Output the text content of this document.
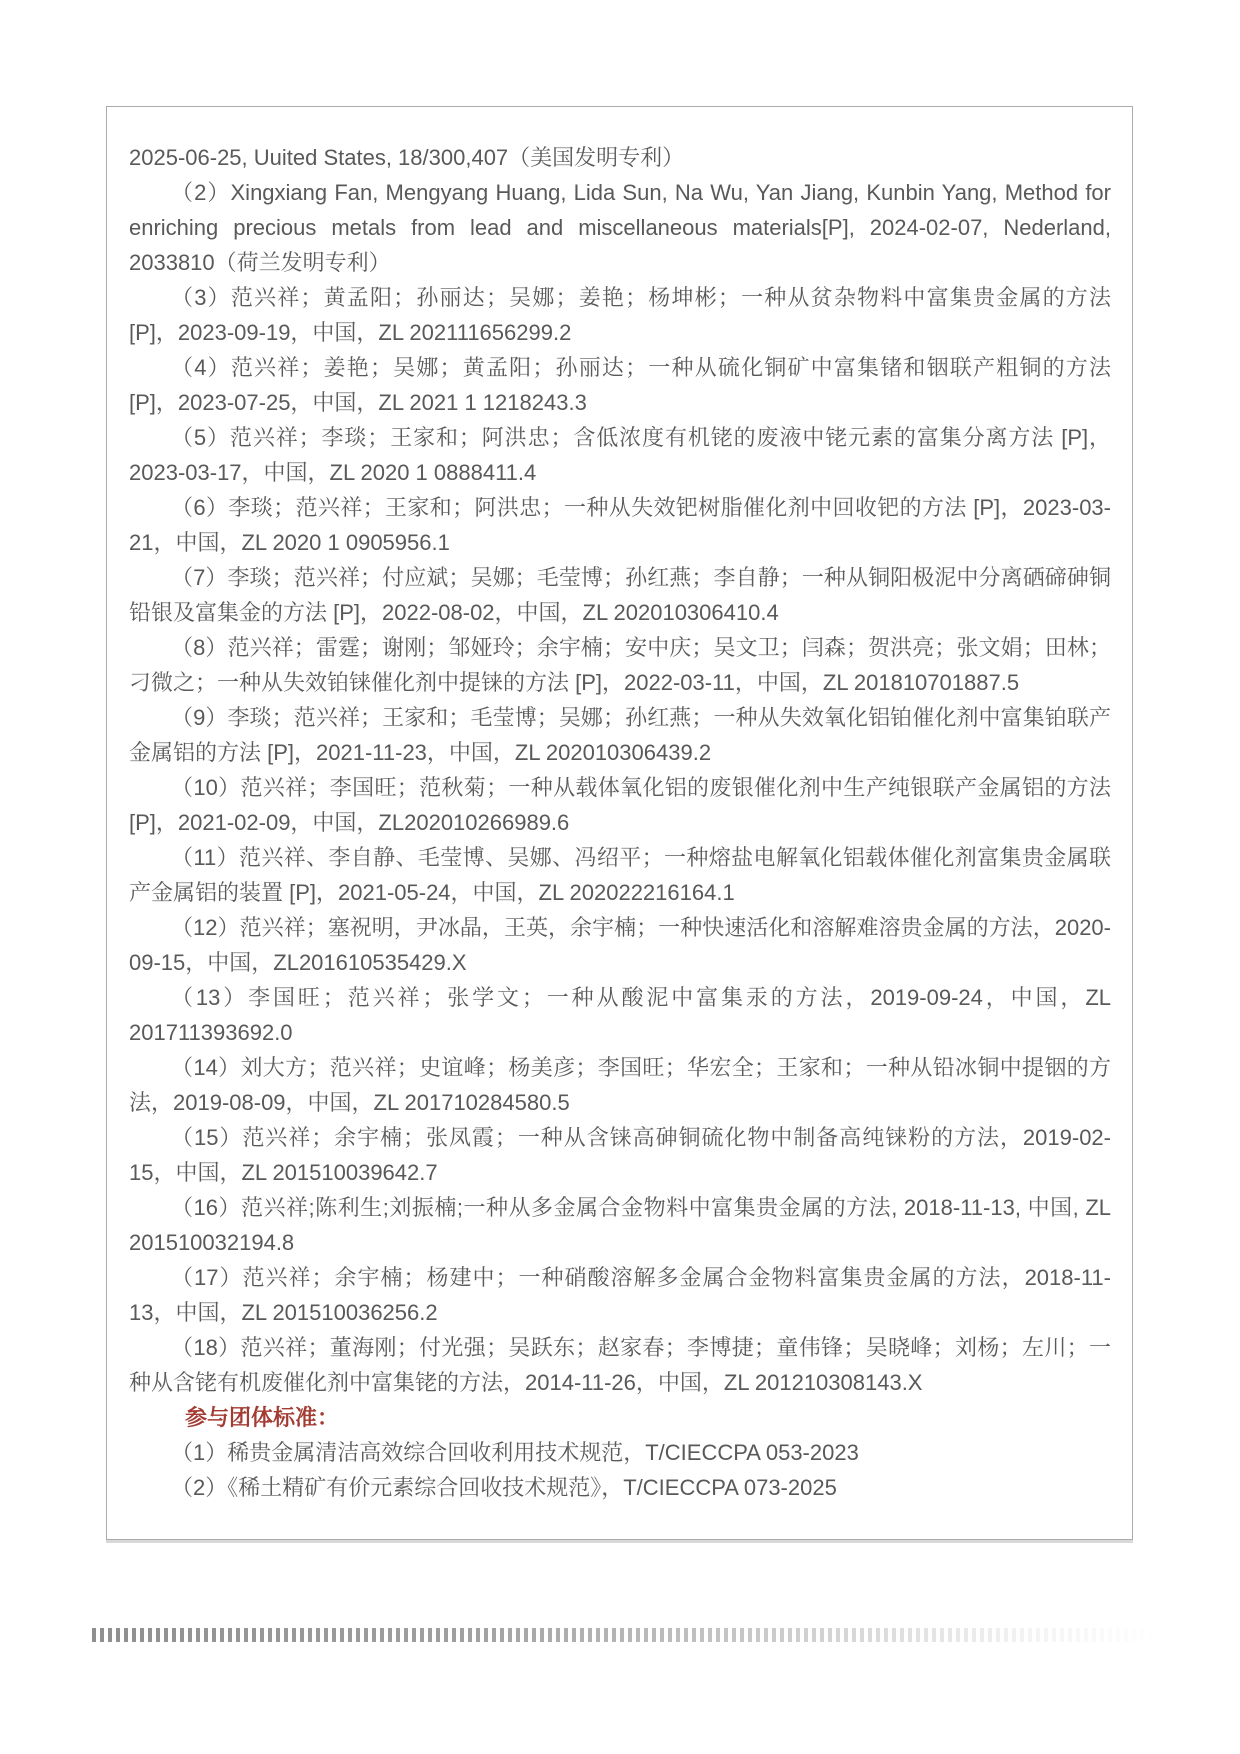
2025-06-25, Uuited States, 18/300,407（美国发明专利）

（2）Xingxiang Fan, Mengyang Huang, Lida Sun, Na Wu, Yan Jiang, Kunbin Yang, Method for enriching precious metals from lead and miscellaneous materials[P], 2024-02-07, Nederland, 2033810（荷兰发明专利）

（3）范兴祥；黄孟阳；孙丽达；吴娜；姜艳；杨坤彬；一种从贫杂物料中富集贵金属的方法 [P]，2023-09-19，中国，ZL 202111656299.2

（4）范兴祥；姜艳；吴娜；黄孟阳；孙丽达；一种从硫化铜矿中富集锗和铟联产粗铜的方法 [P]，2023-07-25，中国，ZL 2021 1 1218243.3

（5）范兴祥；李琰；王家和；阿洪忠；含低浓度有机铑的废液中铑元素的富集分离方法 [P]，2023-03-17，中国，ZL 2020 1 0888411.4

（6）李琰；范兴祥；王家和；阿洪忠；一种从失效钯树脂催化剂中回收钯的方法 [P]，2023-03-21，中国，ZL 2020 1 0905956.1

（7）李琰；范兴祥；付应斌；吴娜；毛莹博；孙红燕；李自静；一种从铜阳极泥中分离硒碲砷铜铅银及富集金的方法 [P]，2022-08-02，中国，ZL 202010306410.4

（8）范兴祥；雷霆；谢刚；邹娅玲；余宇楠；安中庆；吴文卫；闫森；贺洪亮；张文娟；田林；刁微之；一种从失效铂铼催化剂中提铼的方法 [P]，2022-03-11，中国，ZL 201810701887.5

（9）李琰；范兴祥；王家和；毛莹博；吴娜；孙红燕；一种从失效氧化铝铂催化剂中富集铂联产金属铝的方法 [P]，2021-11-23，中国，ZL 202010306439.2

（10）范兴祥；李国旺；范秋菊；一种从载体氧化铝的废银催化剂中生产纯银联产金属铝的方法 [P]，2021-02-09，中国，ZL202010266989.6

（11）范兴祥、李自静、毛莹博、吴娜、冯绍平；一种熔盐电解氧化铝载体催化剂富集贵金属联产金属铝的装置 [P]，2021-05-24，中国，ZL 202022216164.1

（12）范兴祥；塞祝明，尹冰晶，王英，余宇楠；一种快速活化和溶解难溶贵金属的方法，2020-09-15，中国，ZL201610535429.X

（13）李国旺；范兴祥；张学文；一种从酸泥中富集汞的方法，2019-09-24，中国，ZL 201711393692.0

（14）刘大方；范兴祥；史谊峰；杨美彦；李国旺；华宏全；王家和；一种从铅冰铜中提铟的方法，2019-08-09，中国，ZL 201710284580.5

（15）范兴祥；余宇楠；张凤霞；一种从含铼高砷铜硫化物中制备高纯铼粉的方法，2019-02-15，中国，ZL 201510039642.7

（16）范兴祥;陈利生;刘振楠;一种从多金属合金物料中富集贵金属的方法, 2018-11-13, 中国, ZL 201510032194.8

（17）范兴祥；余宇楠；杨建中；一种硝酸溶解多金属合金物料富集贵金属的方法，2018-11-13，中国，ZL 201510036256.2

（18）范兴祥；董海刚；付光强；吴跃东；赵家春；李博捷；童伟锋；吴晓峰；刘杨；左川；一种从含铑有机废催化剂中富集铑的方法，2014-11-26，中国，ZL 201210308143.X

参与团体标准：

（1）稀贵金属清洁高效综合回收利用技术规范，T/CIECCPA 053-2023

（2）《稀土精矿有价元素综合回收技术规范》，T/CIECCPA 073-2025
